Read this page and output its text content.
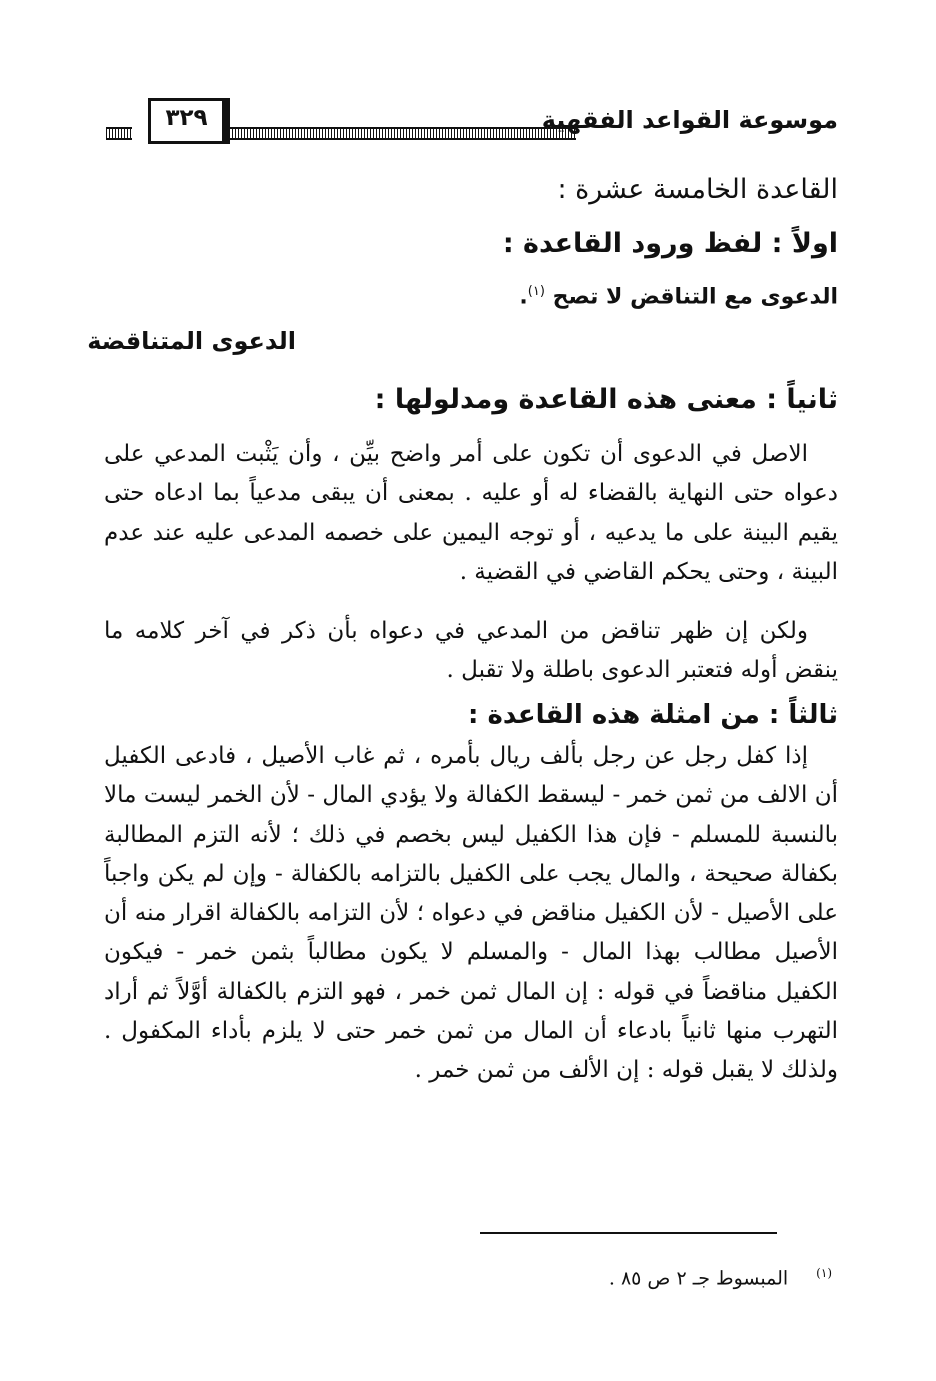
موسوعة القواعد الفقهية
٣٢٩
القاعدة الخامسة عشرة :
اولاً : لفظ ورود القاعدة :
الدعوى مع التناقض لا تصح $^{(١)}$.
الدعوى المتناقضة
ثانياً : معنى هذه القاعدة ومدلولها :

الاصل في الدعوى أن تكون على أمر واضح بيِّن ، وأن يَثْبت المدعي على دعواه حتى النهاية بالقضاء له أو عليه . بمعنى أن يبقى مدعياً بما ادعاه حتى يقيم البينة على ما يدعيه ، أو توجه اليمين على خصمه المدعى عليه عند عدم البينة ، وحتى يحكم القاضي في القضية .

ولكن إن ظهر تناقض من المدعي في دعواه بأن ذكر في آخر كلامه ما ينقض أوله فتعتبر الدعوى باطلة ولا تقبل .

ثالثاً : من امثلة هذه القاعدة :

إذا كفل رجل عن رجل بألف ريال بأمره ، ثم غاب الأصيل ، فادعى الكفيل أن الالف من ثمن خمر - ليسقط الكفالة ولا يؤدي المال - لأن الخمر ليست مالا بالنسبة للمسلم - فإن هذا الكفيل ليس بخصم في ذلك ؛ لأنه التزم المطالبة بكفالة صحيحة ، والمال يجب على الكفيل بالتزامه بالكفالة - وإن لم يكن واجباً على الأصيل - لأن الكفيل مناقض في دعواه ؛ لأن التزامه بالكفالة اقرار منه أن الأصيل مطالب بهذا المال - والمسلم لا يكون مطالباً بثمن خمر - فيكون الكفيل مناقضاً في قوله : إن المال ثمن خمر ، فهو التزم بالكفالة أوَّلاً ثم أراد التهرب منها ثانياً بادعاء أن المال من ثمن خمر حتى لا يلزم بأداء المكفول . ولذلك لا يقبل قوله : إن الألف من ثمن خمر .

$^{(١)}$المبسوط جـ ٢ ص ٨٥ .
